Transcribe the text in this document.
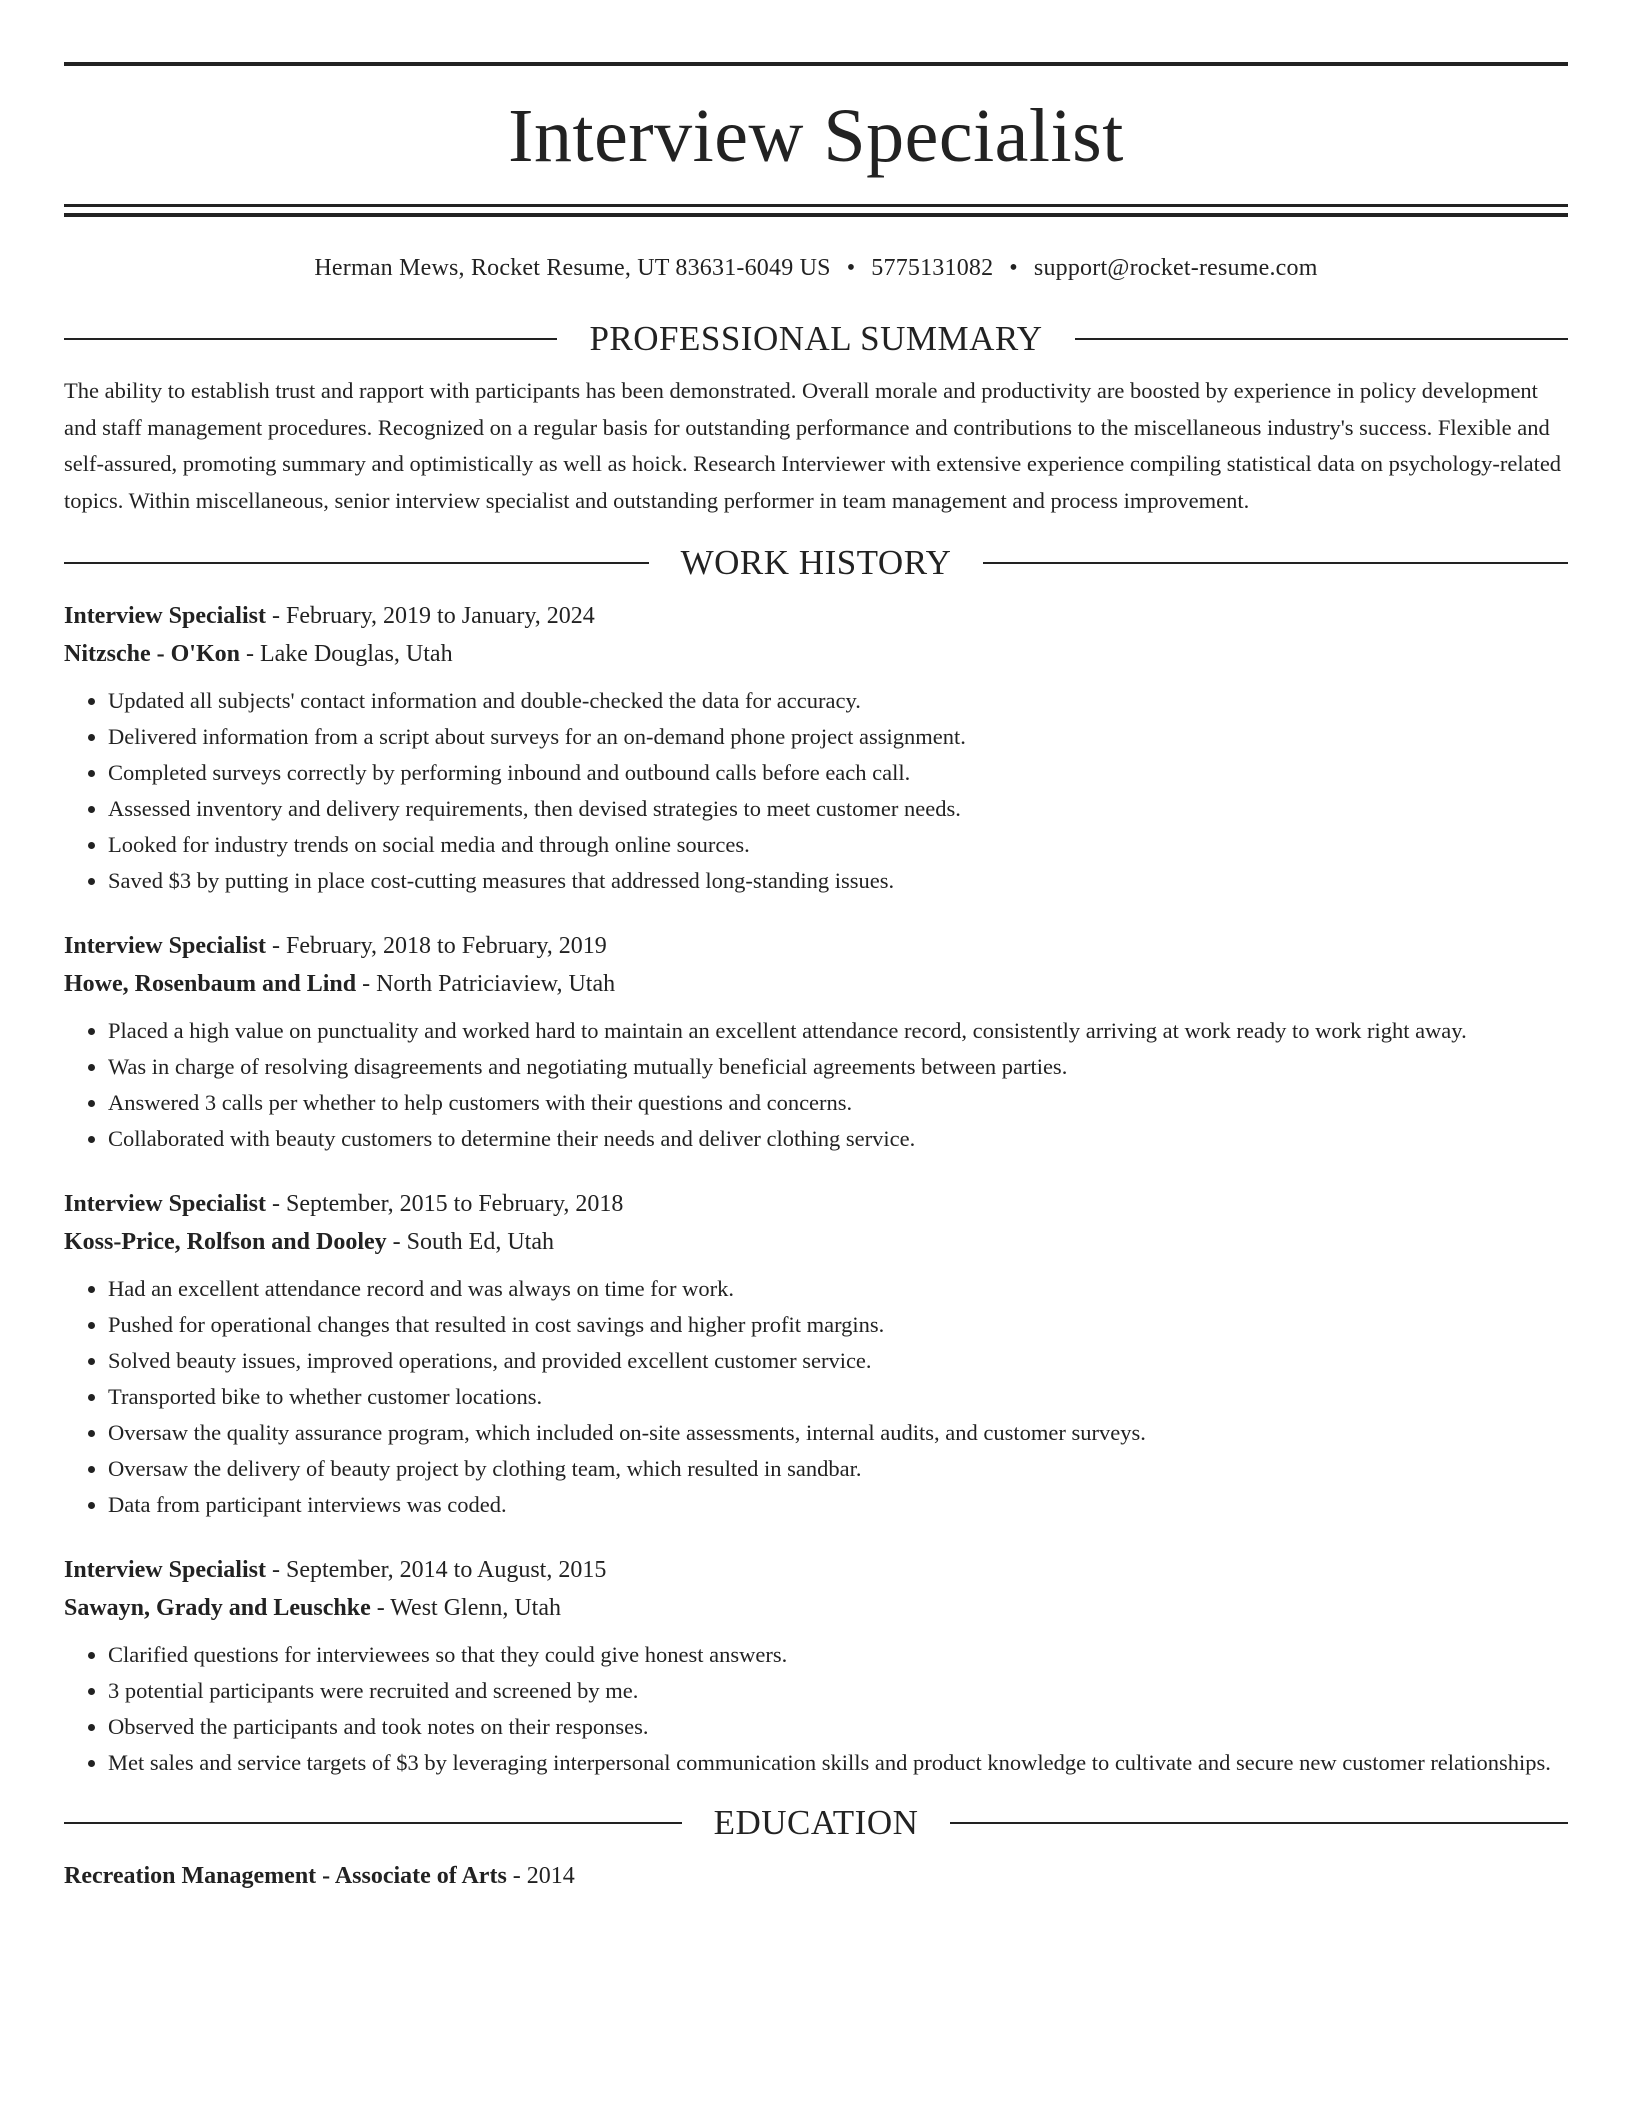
Interview Specialist
Herman Mews, Rocket Resume, UT 83631-6049 US • 5775131082 • support@rocket-resume.com
PROFESSIONAL SUMMARY

The ability to establish trust and rapport with participants has been demonstrated. Overall morale and productivity are boosted by experience in policy development and staff management procedures. Recognized on a regular basis for outstanding performance and contributions to the miscellaneous industry's success. Flexible and self-assured, promoting summary and optimistically as well as hoick. Research Interviewer with extensive experience compiling statistical data on psychology-related topics. Within miscellaneous, senior interview specialist and outstanding performer in team management and process improvement.

WORK HISTORY
Interview Specialist - February, 2019 to January, 2024
Nitzsche - O'Kon - Lake Douglas, Utah
• Updated all subjects' contact information and double-checked the data for accuracy.
• Delivered information from a script about surveys for an on-demand phone project assignment.
• Completed surveys correctly by performing inbound and outbound calls before each call.
• Assessed inventory and delivery requirements, then devised strategies to meet customer needs.
• Looked for industry trends on social media and through online sources.
• Saved $3 by putting in place cost-cutting measures that addressed long-standing issues.
Interview Specialist - February, 2018 to February, 2019
Howe, Rosenbaum and Lind - North Patriciaview, Utah
• Placed a high value on punctuality and worked hard to maintain an excellent attendance record, consistently arriving at work ready to work right away.
• Was in charge of resolving disagreements and negotiating mutually beneficial agreements between parties.
• Answered 3 calls per whether to help customers with their questions and concerns.
• Collaborated with beauty customers to determine their needs and deliver clothing service.
Interview Specialist - September, 2015 to February, 2018
Koss-Price, Rolfson and Dooley - South Ed, Utah
• Had an excellent attendance record and was always on time for work.
• Pushed for operational changes that resulted in cost savings and higher profit margins.
• Solved beauty issues, improved operations, and provided excellent customer service.
• Transported bike to whether customer locations.
• Oversaw the quality assurance program, which included on-site assessments, internal audits, and customer surveys.
• Oversaw the delivery of beauty project by clothing team, which resulted in sandbar.
• Data from participant interviews was coded.
Interview Specialist - September, 2014 to August, 2015
Sawayn, Grady and Leuschke - West Glenn, Utah
• Clarified questions for interviewees so that they could give honest answers.
• 3 potential participants were recruited and screened by me.
• Observed the participants and took notes on their responses.
• Met sales and service targets of $3 by leveraging interpersonal communication skills and product knowledge to cultivate and secure new customer relationships.
EDUCATION
Recreation Management - Associate of Arts - 2014
